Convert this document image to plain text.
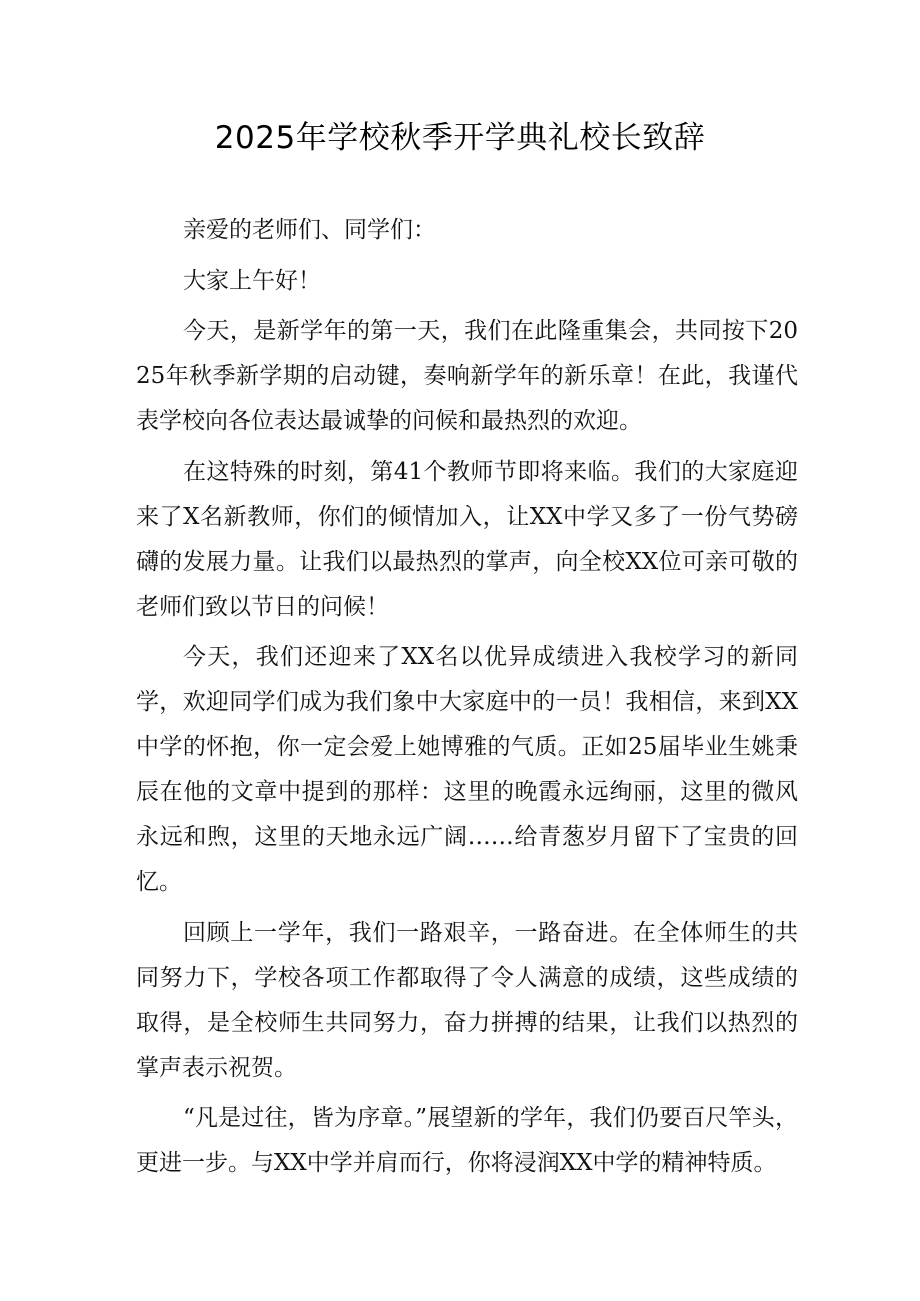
2025年学校秋季开学典礼校长致辞

亲爱的老师们、同学们：

大家上午好！

今天，是新学年的第一天，我们在此隆重集会，共同按下2025年秋季新学期的启动键，奏响新学年的新乐章！在此，我谨代表学校向各位表达最诚挚的问候和最热烈的欢迎。

在这特殊的时刻，第41个教师节即将来临。我们的大家庭迎来了X名新教师，你们的倾情加入，让XX中学又多了一份气势磅礴的发展力量。让我们以最热烈的掌声，向全校XX位可亲可敬的老师们致以节日的问候！

今天，我们还迎来了XX名以优异成绩进入我校学习的新同学，欢迎同学们成为我们象中大家庭中的一员！我相信，来到XX中学的怀抱，你一定会爱上她博雅的气质。正如25届毕业生姚秉辰在他的文章中提到的那样：这里的晚霞永远绚丽，这里的微风永远和煦，这里的天地永远广阔……给青葱岁月留下了宝贵的回忆。

回顾上一学年，我们一路艰辛，一路奋进。在全体师生的共同努力下，学校各项工作都取得了令人满意的成绩，这些成绩的取得，是全校师生共同努力，奋力拼搏的结果，让我们以热烈的掌声表示祝贺。

“凡是过往，皆为序章。”展望新的学年，我们仍要百尺竿头，更进一步。与XX中学并肩而行，你将浸润XX中学的精神特质。
